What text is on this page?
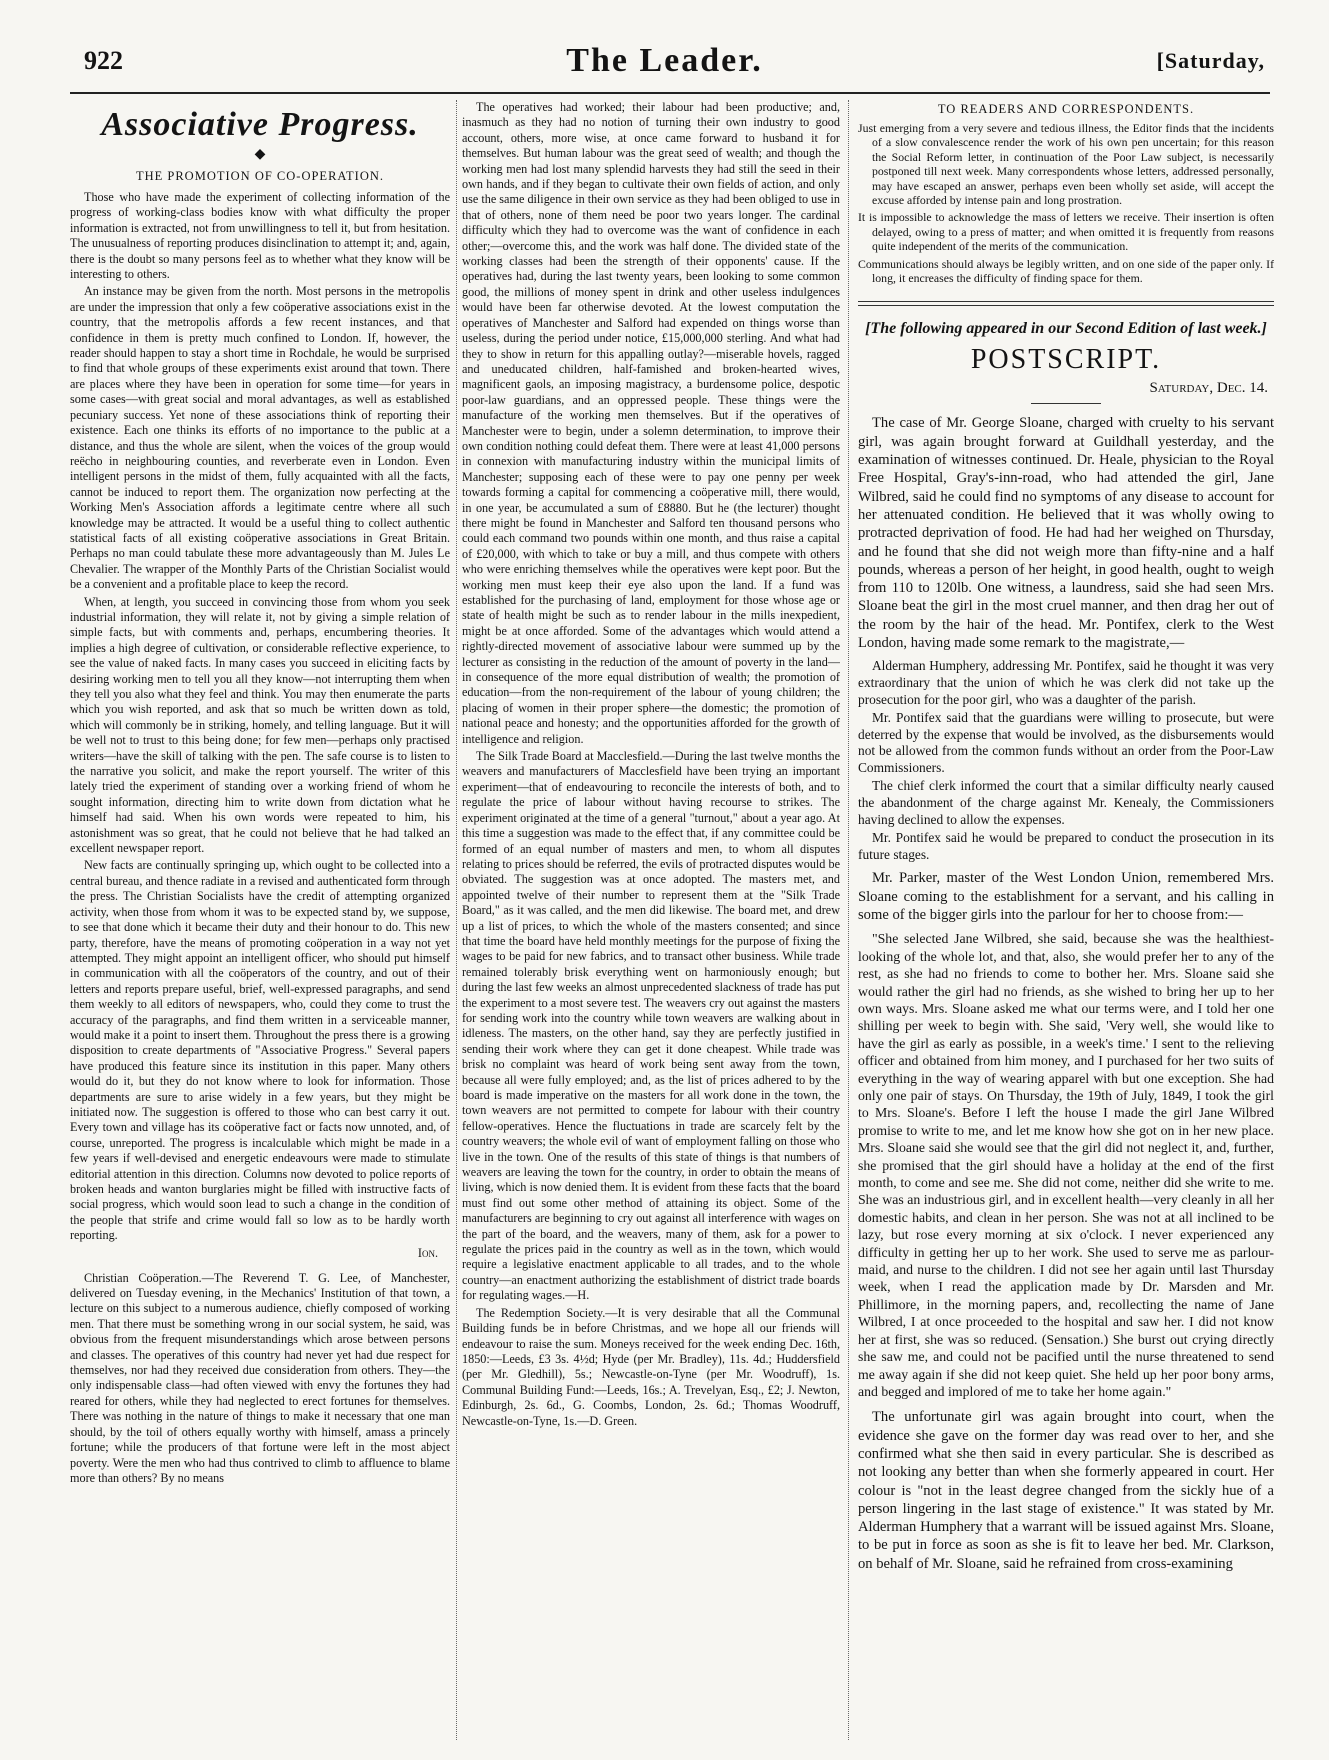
922	The Leader.	[Saturday,
Associative Progress.
◆
THE PROMOTION OF CO-OPERATION.

Those who have made the experiment of collecting information of the progress of working-class bodies know with what difficulty the proper information is extracted, not from unwillingness to tell it, but from hesitation. The unusualness of reporting produces disinclination to attempt it; and, again, there is the doubt so many persons feel as to whether what they know will be interesting to others.

An instance may be given from the north. Most persons in the metropolis are under the impression that only a few coöperative associations exist in the country, that the metropolis affords a few recent instances, and that confidence in them is pretty much confined to London. If, however, the reader should happen to stay a short time in Rochdale, he would be surprised to find that whole groups of these experiments exist around that town. There are places where they have been in operation for some time—for years in some cases—with great social and moral advantages, as well as established pecuniary success. Yet none of these associations think of reporting their existence. Each one thinks its efforts of no importance to the public at a distance, and thus the whole are silent, when the voices of the group would reëcho in neighbouring counties, and reverberate even in London. Even intelligent persons in the midst of them, fully acquainted with all the facts, cannot be induced to report them. The organization now perfecting at the Working Men's Association affords a legitimate centre where all such knowledge may be attracted. It would be a useful thing to collect authentic statistical facts of all existing coöperative associations in Great Britain. Perhaps no man could tabulate these more advantageously than M. Jules Le Chevalier. The wrapper of the Monthly Parts of the Christian Socialist would be a convenient and a profitable place to keep the record.

When, at length, you succeed in convincing those from whom you seek industrial information, they will relate it, not by giving a simple relation of simple facts, but with comments and, perhaps, encumbering theories. It implies a high degree of cultivation, or considerable reflective experience, to see the value of naked facts. In many cases you succeed in eliciting facts by desiring working men to tell you all they know—not interrupting them when they tell you also what they feel and think. You may then enumerate the parts which you wish reported, and ask that so much be written down as told, which will commonly be in striking, homely, and telling language. But it will be well not to trust to this being done; for few men—perhaps only practised writers—have the skill of talking with the pen. The safe course is to listen to the narrative you solicit, and make the report yourself. The writer of this lately tried the experiment of standing over a working friend of whom he sought information, directing him to write down from dictation what he himself had said. When his own words were repeated to him, his astonishment was so great, that he could not believe that he had talked an excellent newspaper report.

New facts are continually springing up, which ought to be collected into a central bureau, and thence radiate in a revised and authenticated form through the press. The Christian Socialists have the credit of attempting organized activity, when those from whom it was to be expected stand by, we suppose, to see that done which it became their duty and their honour to do. This new party, therefore, have the means of promoting coöperation in a way not yet attempted. They might appoint an intelligent officer, who should put himself in communication with all the coöperators of the country, and out of their letters and reports prepare useful, brief, well-expressed paragraphs, and send them weekly to all editors of newspapers, who, could they come to trust the accuracy of the paragraphs, and find them written in a serviceable manner, would make it a point to insert them. Throughout the press there is a growing disposition to create departments of "Associative Progress." Several papers have produced this feature since its institution in this paper. Many others would do it, but they do not know where to look for information. Those departments are sure to arise widely in a few years, but they might be initiated now. The suggestion is offered to those who can best carry it out. Every town and village has its coöperative fact or facts now unnoted, and, of course, unreported. The progress is incalculable which might be made in a few years if well-devised and energetic endeavours were made to stimulate editorial attention in this direction. Columns now devoted to police reports of broken heads and wanton burglaries might be filled with instructive facts of social progress, which would soon lead to such a change in the condition of the people that strife and crime would fall so low as to be hardly worth reporting.

Ion.

Christian Coöperation.—The Reverend T. G. Lee, of Manchester, delivered on Tuesday evening, in the Mechanics' Institution of that town, a lecture on this subject to a numerous audience, chiefly composed of working men. That there must be something wrong in our social system, he said, was obvious from the frequent misunderstandings which arose between persons and classes. The operatives of this country had never yet had due respect for themselves, nor had they received due consideration from others. They—the only indispensable class—had often viewed with envy the fortunes they had reared for others, while they had neglected to erect fortunes for themselves. There was nothing in the nature of things to make it necessary that one man should, by the toil of others equally worthy with himself, amass a princely fortune; while the producers of that fortune were left in the most abject poverty. Were the men who had thus contrived to climb to affluence to blame more than others? By no means

The operatives had worked; their labour had been productive; and, inasmuch as they had no notion of turning their own industry to good account, others, more wise, at once came forward to husband it for themselves. But human labour was the great seed of wealth; and though the working men had lost many splendid harvests they had still the seed in their own hands, and if they began to cultivate their own fields of action, and only use the same diligence in their own service as they had been obliged to use in that of others, none of them need be poor two years longer. The cardinal difficulty which they had to overcome was the want of confidence in each other;—overcome this, and the work was half done. The divided state of the working classes had been the strength of their opponents' cause. If the operatives had, during the last twenty years, been looking to some common good, the millions of money spent in drink and other useless indulgences would have been far otherwise devoted. At the lowest computation the operatives of Manchester and Salford had expended on things worse than useless, during the period under notice, £15,000,000 sterling. And what had they to show in return for this appalling outlay?—miserable hovels, ragged and uneducated children, half-famished and broken-hearted wives, magnificent gaols, an imposing magistracy, a burdensome police, despotic poor-law guardians, and an oppressed people. These things were the manufacture of the working men themselves. But if the operatives of Manchester were to begin, under a solemn determination, to improve their own condition nothing could defeat them. There were at least 41,000 persons in connexion with manufacturing industry within the municipal limits of Manchester; supposing each of these were to pay one penny per week towards forming a capital for commencing a coöperative mill, there would, in one year, be accumulated a sum of £8880. But he (the lecturer) thought there might be found in Manchester and Salford ten thousand persons who could each command two pounds within one month, and thus raise a capital of £20,000, with which to take or buy a mill, and thus compete with others who were enriching themselves while the operatives were kept poor. But the working men must keep their eye also upon the land. If a fund was established for the purchasing of land, employment for those whose age or state of health might be such as to render labour in the mills inexpedient, might be at once afforded. Some of the advantages which would attend a rightly-directed movement of associative labour were summed up by the lecturer as consisting in the reduction of the amount of poverty in the land—in consequence of the more equal distribution of wealth; the promotion of education—from the non-requirement of the labour of young children; the placing of women in their proper sphere—the domestic; the promotion of national peace and honesty; and the opportunities afforded for the growth of intelligence and religion.

The Silk Trade Board at Macclesfield.—During the last twelve months the weavers and manufacturers of Macclesfield have been trying an important experiment—that of endeavouring to reconcile the interests of both, and to regulate the price of labour without having recourse to strikes. The experiment originated at the time of a general "turnout," about a year ago. At this time a suggestion was made to the effect that, if any committee could be formed of an equal number of masters and men, to whom all disputes relating to prices should be referred, the evils of protracted disputes would be obviated. The suggestion was at once adopted. The masters met, and appointed twelve of their number to represent them at the "Silk Trade Board," as it was called, and the men did likewise. The board met, and drew up a list of prices, to which the whole of the masters consented; and since that time the board have held monthly meetings for the purpose of fixing the wages to be paid for new fabrics, and to transact other business. While trade remained tolerably brisk everything went on harmoniously enough; but during the last few weeks an almost unprecedented slackness of trade has put the experiment to a most severe test. The weavers cry out against the masters for sending work into the country while town weavers are walking about in idleness. The masters, on the other hand, say they are perfectly justified in sending their work where they can get it done cheapest. While trade was brisk no complaint was heard of work being sent away from the town, because all were fully employed; and, as the list of prices adhered to by the board is made imperative on the masters for all work done in the town, the town weavers are not permitted to compete for labour with their country fellow-operatives. Hence the fluctuations in trade are scarcely felt by the country weavers; the whole evil of want of employment falling on those who live in the town. One of the results of this state of things is that numbers of weavers are leaving the town for the country, in order to obtain the means of living, which is now denied them. It is evident from these facts that the board must find out some other method of attaining its object. Some of the manufacturers are beginning to cry out against all interference with wages on the part of the board, and the weavers, many of them, ask for a power to regulate the prices paid in the country as well as in the town, which would require a legislative enactment applicable to all trades, and to the whole country—an enactment authorizing the establishment of district trade boards for regulating wages.—H.

The Redemption Society.—It is very desirable that all the Communal Building funds be in before Christmas, and we hope all our friends will endeavour to raise the sum. Moneys received for the week ending Dec. 16th, 1850:—Leeds, £3 3s. 4½d; Hyde (per Mr. Bradley), 11s. 4d.; Huddersfield (per Mr. Gledhill), 5s.; Newcastle-on-Tyne (per Mr. Woodruff), 1s. Communal Building Fund:—Leeds, 16s.; A. Trevelyan, Esq., £2; J. Newton, Edinburgh, 2s. 6d., G. Coombs, London, 2s. 6d.; Thomas Woodruff, Newcastle-on-Tyne, 1s.—D. Green.

TO READERS AND CORRESPONDENTS.

Just emerging from a very severe and tedious illness, the Editor finds that the incidents of a slow convalescence render the work of his own pen uncertain; for this reason the Social Reform letter, in continuation of the Poor Law subject, is necessarily postponed till next week. Many correspondents whose letters, addressed personally, may have escaped an answer, perhaps even been wholly set aside, will accept the excuse afforded by intense pain and long prostration.

It is impossible to acknowledge the mass of letters we receive. Their insertion is often delayed, owing to a press of matter; and when omitted it is frequently from reasons quite independent of the merits of the communication.

Communications should always be legibly written, and on one side of the paper only. If long, it encreases the difficulty of finding space for them.

[The following appeared in our Second Edition of last week.]
POSTSCRIPT.
Saturday, Dec. 14.

The case of Mr. George Sloane, charged with cruelty to his servant girl, was again brought forward at Guildhall yesterday, and the examination of witnesses continued. Dr. Heale, physician to the Royal Free Hospital, Gray's-inn-road, who had attended the girl, Jane Wilbred, said he could find no symptoms of any disease to account for her attenuated condition. He believed that it was wholly owing to protracted deprivation of food. He had had her weighed on Thursday, and he found that she did not weigh more than fifty-nine and a half pounds, whereas a person of her height, in good health, ought to weigh from 110 to 120lb. One witness, a laundress, said she had seen Mrs. Sloane beat the girl in the most cruel manner, and then drag her out of the room by the hair of the head. Mr. Pontifex, clerk to the West London, having made some remark to the magistrate,—

Alderman Humphery, addressing Mr. Pontifex, said he thought it was very extraordinary that the union of which he was clerk did not take up the prosecution for the poor girl, who was a daughter of the parish.

Mr. Pontifex said that the guardians were willing to prosecute, but were deterred by the expense that would be involved, as the disbursements would not be allowed from the common funds without an order from the Poor-Law Commissioners.

The chief clerk informed the court that a similar difficulty nearly caused the abandonment of the charge against Mr. Kenealy, the Commissioners having declined to allow the expenses.

Mr. Pontifex said he would be prepared to conduct the prosecution in its future stages.

Mr. Parker, master of the West London Union, remembered Mrs. Sloane coming to the establishment for a servant, and his calling in some of the bigger girls into the parlour for her to choose from:—

"She selected Jane Wilbred, she said, because she was the healthiest-looking of the whole lot, and that, also, she would prefer her to any of the rest, as she had no friends to come to bother her. Mrs. Sloane said she would rather the girl had no friends, as she wished to bring her up to her own ways. Mrs. Sloane asked me what our terms were, and I told her one shilling per week to begin with. She said, 'Very well, she would like to have the girl as early as possible, in a week's time.' I sent to the relieving officer and obtained from him money, and I purchased for her two suits of everything in the way of wearing apparel with but one exception. She had only one pair of stays. On Thursday, the 19th of July, 1849, I took the girl to Mrs. Sloane's. Before I left the house I made the girl Jane Wilbred promise to write to me, and let me know how she got on in her new place. Mrs. Sloane said she would see that the girl did not neglect it, and, further, she promised that the girl should have a holiday at the end of the first month, to come and see me. She did not come, neither did she write to me. She was an industrious girl, and in excellent health—very cleanly in all her domestic habits, and clean in her person. She was not at all inclined to be lazy, but rose every morning at six o'clock. I never experienced any difficulty in getting her up to her work. She used to serve me as parlour-maid, and nurse to the children. I did not see her again until last Thursday week, when I read the application made by Dr. Marsden and Mr. Phillimore, in the morning papers, and, recollecting the name of Jane Wilbred, I at once proceeded to the hospital and saw her. I did not know her at first, she was so reduced. (Sensation.) She burst out crying directly she saw me, and could not be pacified until the nurse threatened to send me away again if she did not keep quiet. She held up her poor bony arms, and begged and implored of me to take her home again."

The unfortunate girl was again brought into court, when the evidence she gave on the former day was read over to her, and she confirmed what she then said in every particular. She is described as not looking any better than when she formerly appeared in court. Her colour is "not in the least degree changed from the sickly hue of a person lingering in the last stage of existence." It was stated by Mr. Alderman Humphery that a warrant will be issued against Mrs. Sloane, to be put in force as soon as she is fit to leave her bed. Mr. Clarkson, on behalf of Mr. Sloane, said he refrained from cross-examining
